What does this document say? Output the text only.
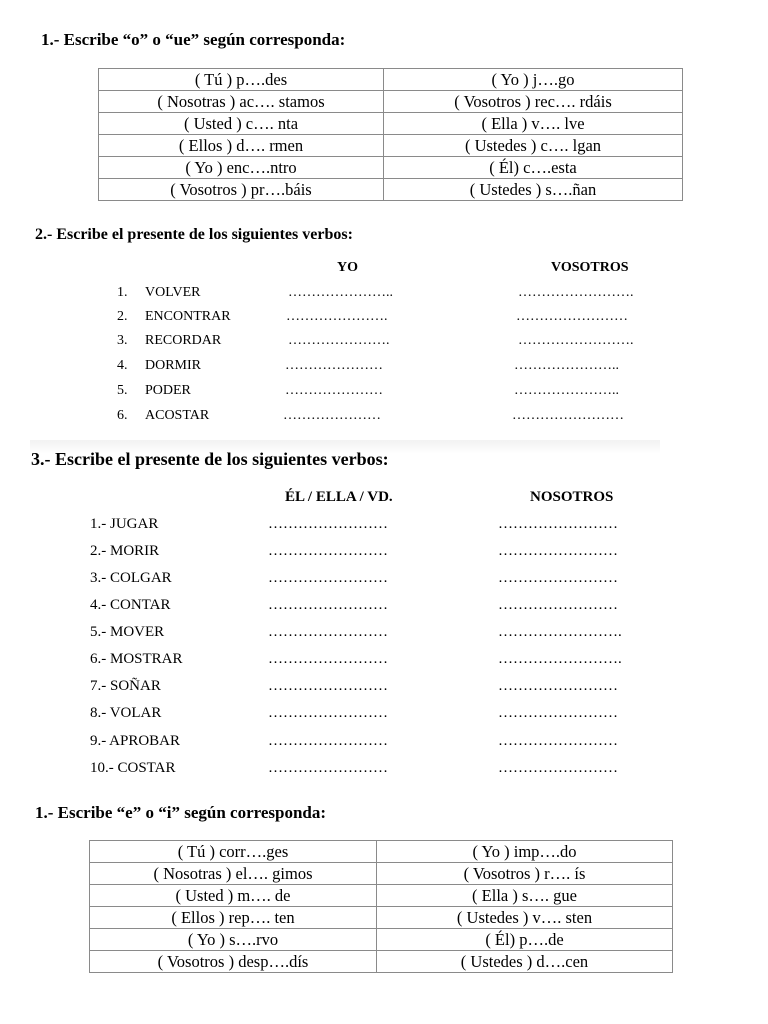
1.- Escribe “o” o “ue” según corresponda:
( Tú ) p….des	( Yo ) j….go
( Nosotras ) ac…. stamos	( Vosotros ) rec…. rdáis
( Usted ) c…. nta	( Ella ) v…. lve
( Ellos ) d…. rmen	( Ustedes ) c…. lgan
( Yo ) enc….ntro	( Él) c….esta
( Vosotros ) pr….báis	( Ustedes ) s….ñan
2.- Escribe el presente de los siguientes verbos:
YO	VOSOTROS
1. VOLVER	…………………..	…………………….
2. ENCONTRAR	………………….	……………………
3. RECORDAR	………………….	…………………….
4. DORMIR	…………………	…………………..
5. PODER	…………………	…………………..
6. ACOSTAR	…………………	……………………
3.- Escribe el presente de los siguientes verbos:
ÉL / ELLA / VD.	NOSOTROS
1.- JUGAR	……………………	……………………
2.- MORIR	……………………	……………………
3.- COLGAR	……………………	……………………
4.- CONTAR	……………………	……………………
5.- MOVER	……………………	…………………….
6.- MOSTRAR	……………………	…………………….
7.- SOÑAR	……………………	……………………
8.- VOLAR	……………………	……………………
9.- APROBAR	……………………	……………………
10.- COSTAR	……………………	……………………
1.- Escribe “e” o “i” según corresponda:
( Tú ) corr….ges	( Yo ) imp….do
( Nosotras ) el…. gimos	( Vosotros ) r…. ís
( Usted ) m…. de	( Ella ) s…. gue
( Ellos ) rep…. ten	( Ustedes ) v…. sten
( Yo ) s….rvo	( Él) p….de
( Vosotros ) desp….dís	( Ustedes ) d….cen
